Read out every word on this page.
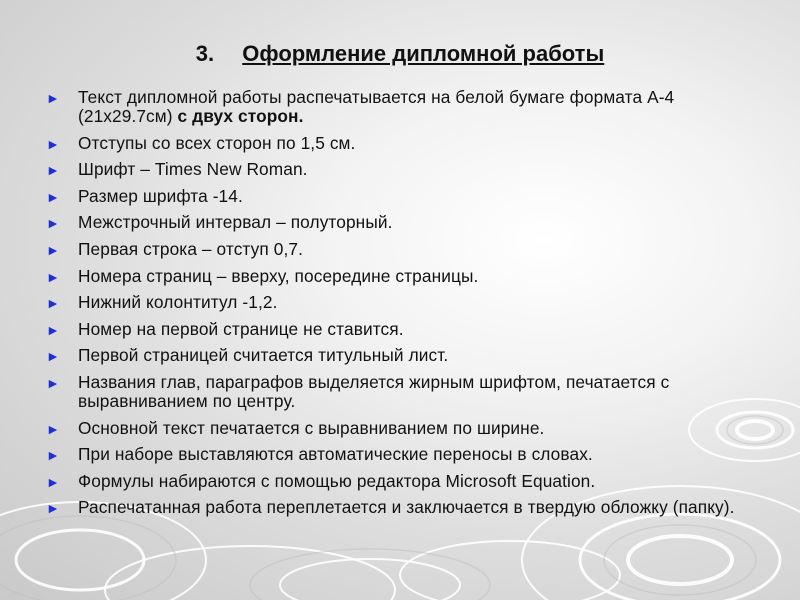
3. Оформление дипломной работы
► Текст дипломной работы распечатывается на белой бумаге формата А-4 (21х29.7см) с двух сторон.
► Отступы со всех сторон по 1,5 см.
► Шрифт – Times New Roman.
► Размер шрифта -14.
► Межстрочный интервал – полуторный.
► Первая строка – отступ 0,7.
► Номера страниц – вверху, посередине страницы.
► Нижний колонтитул -1,2.
► Номер на первой странице не ставится.
► Первой страницей считается титульный лист.
► Названия глав, параграфов выделяется жирным шрифтом, печатается с выравниванием по центру.
► Основной текст печатается с выравниванием по ширине.
► При наборе выставляются автоматические переносы в словах.
► Формулы набираются с помощью редактора Microsoft Equation.
► Распечатанная работа переплетается и заключается в твердую обложку (папку).
